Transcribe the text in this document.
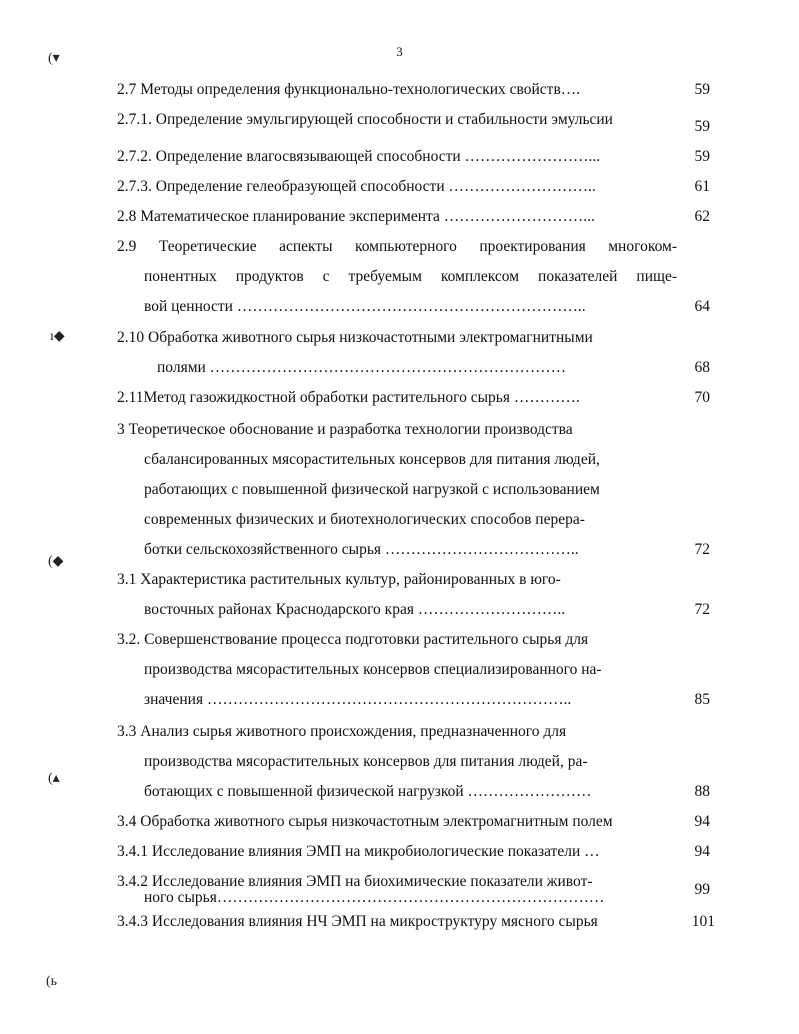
3
(▾
ı◆
(◆
(▴
(ь
2.7 Методы определения функционально-технологических свойств….	59
2.7.1. Определение эмульгирующей способности и стабильности эмульсии	59
2.7.2. Определение влагосвязывающей способности ……………………...	59
2.7.3. Определение гелеобразующей способности ………………………..	61
2.8 Математическое планирование эксперимента ………………………...	62
2.9 Теоретические аспекты компьютерного проектирования многоком-
понентных продуктов с требуемым комплексом показателей пище-
вой ценности …………………………………………………………..	64
2.10 Обработка животного сырья низкочастотными электромагнитными
полями ……………………………………………………………	68
2.11Метод газожидкостной обработки растительного сырья ………….	70
3 Теоретическое обоснование и разработка технологии производства
сбалансированных мясорастительных консервов для питания людей,
работающих с повышенной физической нагрузкой с использованием
современных физических и биотехнологических способов перера-
ботки сельскохозяйственного сырья ………………………………..	72
3.1 Характеристика растительных культур, районированных в юго-
восточных районах Краснодарского края ………………………..	72
3.2. Совершенствование процесса подготовки растительного сырья для
производства мясорастительных консервов специализированного на-
значения ……………………………………………………………..	85
3.3 Анализ сырья животного происхождения, предназначенного для
производства мясорастительных консервов для питания людей, ра-
ботающих с повышенной физической нагрузкой ……………………	88
3.4 Обработка животного сырья низкочастотным электромагнитным полем	94
3.4.1 Исследование влияния ЭМП на микробиологические показатели …	94
3.4.2 Исследование влияния ЭМП на биохимические показатели живот-
ного сырья…………………………………………………………………	99
3.4.3 Исследования влияния НЧ ЭМП на микроструктуру мясного сырья	101
